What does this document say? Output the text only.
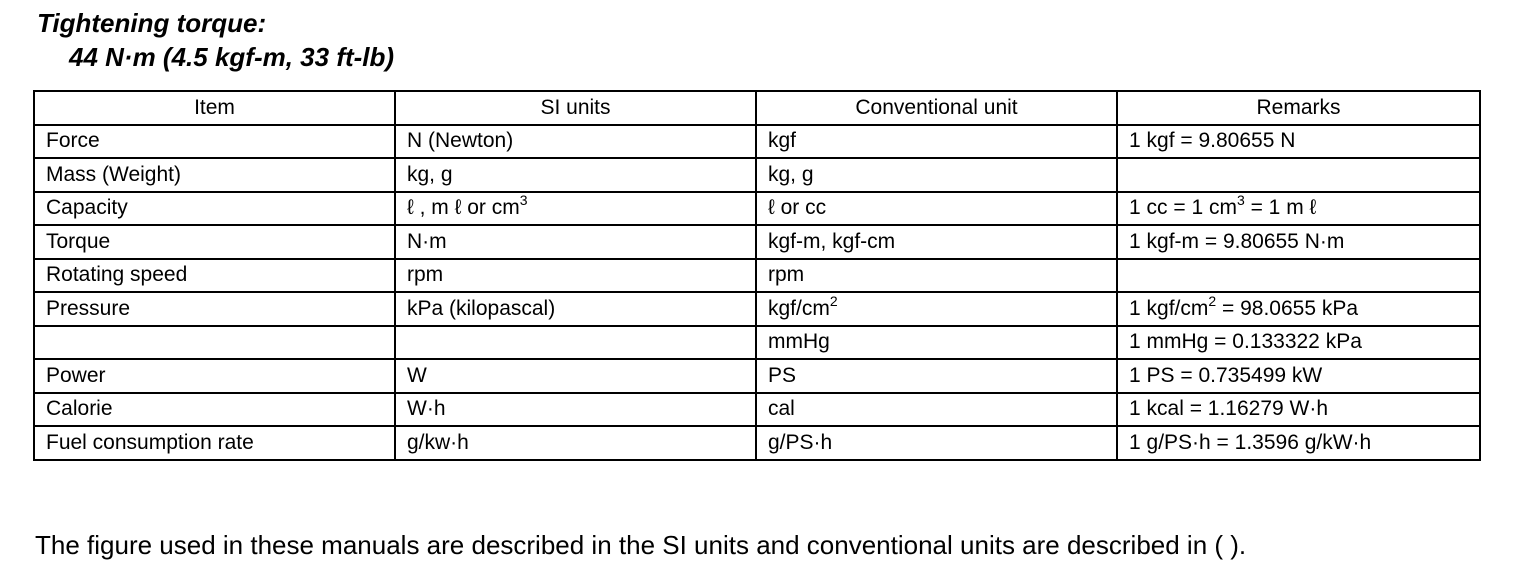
Tightening torque:
44 N·m (4.5 kgf-m, 33 ft-lb)
Item	SI units	Conventional unit	Remarks
Force	N (Newton)	kgf	1 kgf = 9.80655 N
Mass (Weight)	kg, g	kg, g	
Capacity	ℓ , m ℓ or $cm^3$	ℓ or cc	1 cc = 1 $cm^3 = 1$ m ℓ
Torque	N·m	kgf-m, kgf-cm	1 kgf-m = 9.80655 N·m
Rotating speed	rpm	rpm	
Pressure	kPa (kilopascal)	kgf/$cm^2$	1 kgf/$cm^2 = 98.0655$ kPa
		mmHg	1 mmHg = 0.133322 kPa
Power	W	PS	1 PS = 0.735499 kW
Calorie	W·h	cal	1 kcal = 1.16279 W·h
Fuel consumption rate	g/kw·h	g/PS·h	1 g/PS·h = 1.3596 g/kW·h
The figure used in these manuals are described in the SI units and conventional units are described in ( ).
